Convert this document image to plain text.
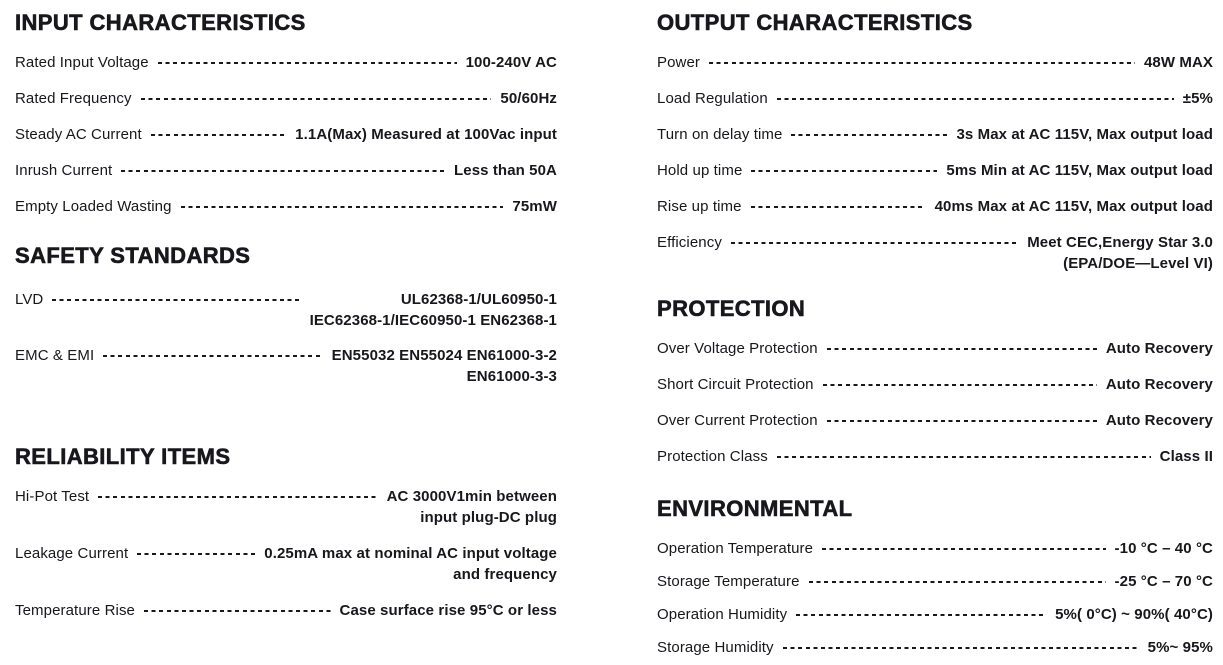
INPUT CHARACTERISTICS
Rated Input Voltage	100-240V AC
Rated Frequency	50/60Hz
Steady AC Current	1.1A(Max) Measured at 100Vac input
Inrush Current	Less than 50A
Empty Loaded Wasting	75mW
SAFETY STANDARDS
LVD	UL62368-1/UL60950-1
IEC62368-1/IEC60950-1 EN62368-1
EMC & EMI	EN55032 EN55024 EN61000-3-2
EN61000-3-3
RELIABILITY ITEMS
Hi-Pot Test	AC 3000V1min between
input plug-DC plug
Leakage Current	0.25mA max at nominal AC input voltage
and frequency
Temperature Rise	Case surface rise 95°C or less
OUTPUT CHARACTERISTICS
Power	48W MAX
Load Regulation	±5%
Turn on delay time	3s Max at AC 115V, Max output load
Hold up time	5ms Min at AC 115V, Max output load
Rise up time	40ms Max at AC 115V, Max output load
Efficiency	Meet CEC,Energy Star 3.0
(EPA/DOE—Level VI)
PROTECTION
Over Voltage Protection	Auto Recovery
Short Circuit Protection	Auto Recovery
Over Current Protection	Auto Recovery
Protection Class	Class II
ENVIRONMENTAL
Operation Temperature	-10 °C – 40 °C
Storage Temperature	-25 °C – 70 °C
Operation Humidity	5%( 0°C) ~ 90%( 40°C)
Storage Humidity	5%~ 95%
